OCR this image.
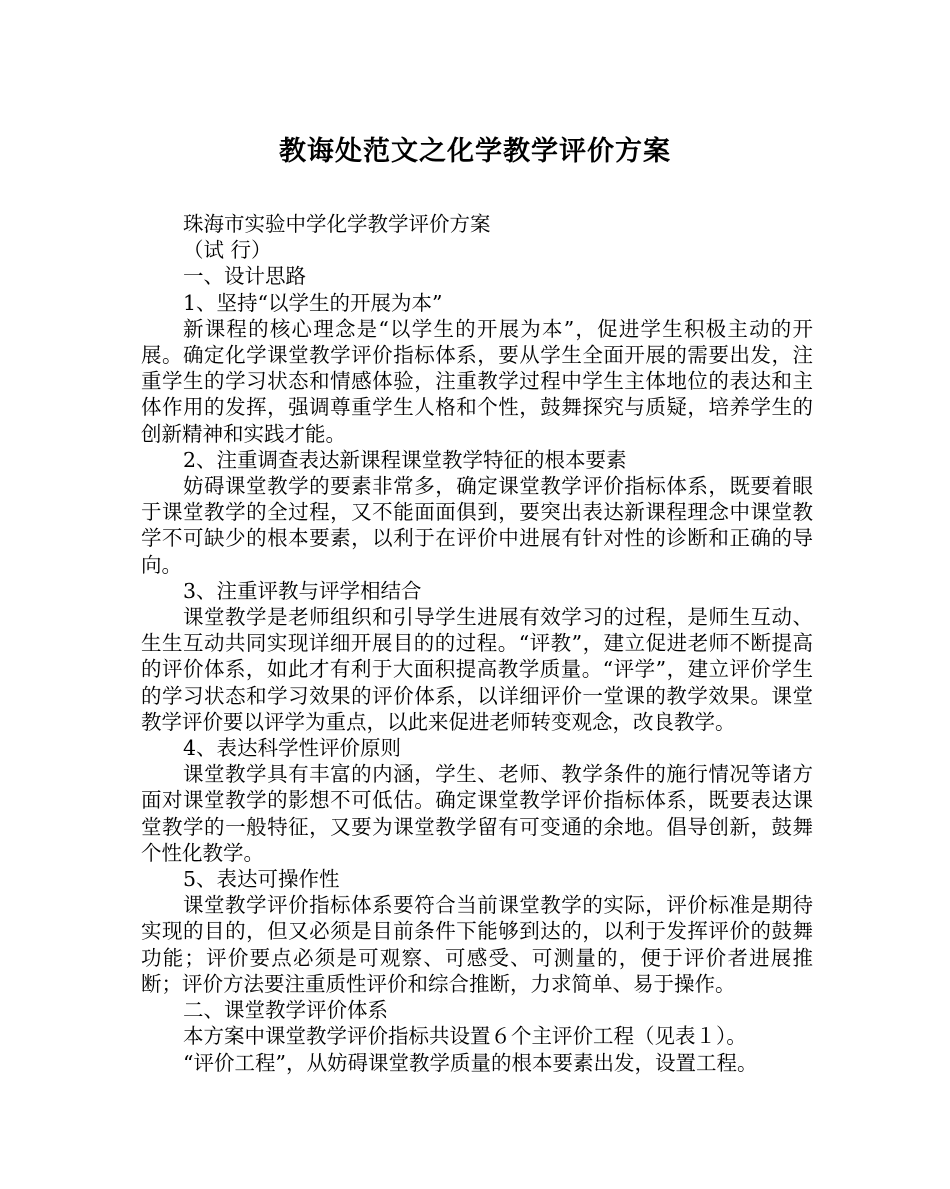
教诲处范文之化学教学评价方案

珠海市实验中学化学教学评价方案

（试 行）

一、设计思路

1、坚持“以学生的开展为本”

新课程的核心理念是“以学生的开展为本”，促进学生积极主动的开展。确定化学课堂教学评价指标体系，要从学生全面开展的需要出发，注重学生的学习状态和情感体验，注重教学过程中学生主体地位的表达和主体作用的发挥，强调尊重学生人格和个性，鼓舞探究与质疑，培养学生的创新精神和实践才能。

2、注重调查表达新课程课堂教学特征的根本要素

妨碍课堂教学的要素非常多，确定课堂教学评价指标体系，既要着眼于课堂教学的全过程，又不能面面俱到，要突出表达新课程理念中课堂教学不可缺少的根本要素，以利于在评价中进展有针对性的诊断和正确的导向。

3、注重评教与评学相结合

课堂教学是老师组织和引导学生进展有效学习的过程，是师生互动、生生互动共同实现详细开展目的的过程。“评教”，建立促进老师不断提高的评价体系，如此才有利于大面积提高教学质量。“评学”，建立评价学生的学习状态和学习效果的评价体系，以详细评价一堂课的教学效果。课堂教学评价要以评学为重点，以此来促进老师转变观念，改良教学。

4、表达科学性评价原则

课堂教学具有丰富的内涵，学生、老师、教学条件的施行情况等诸方面对课堂教学的影想不可低估。确定课堂教学评价指标体系，既要表达课堂教学的一般特征，又要为课堂教学留有可变通的余地。倡导创新，鼓舞个性化教学。

5、表达可操作性

课堂教学评价指标体系要符合当前课堂教学的实际，评价标准是期待实现的目的，但又必须是目前条件下能够到达的，以利于发挥评价的鼓舞功能；评价要点必须是可观察、可感受、可测量的，便于评价者进展推断；评价方法要注重质性评价和综合推断，力求简单、易于操作。

二、课堂教学评价体系

本方案中课堂教学评价指标共设置６个主评价工程（见表１）。

“评价工程”，从妨碍课堂教学质量的根本要素出发，设置工程。
